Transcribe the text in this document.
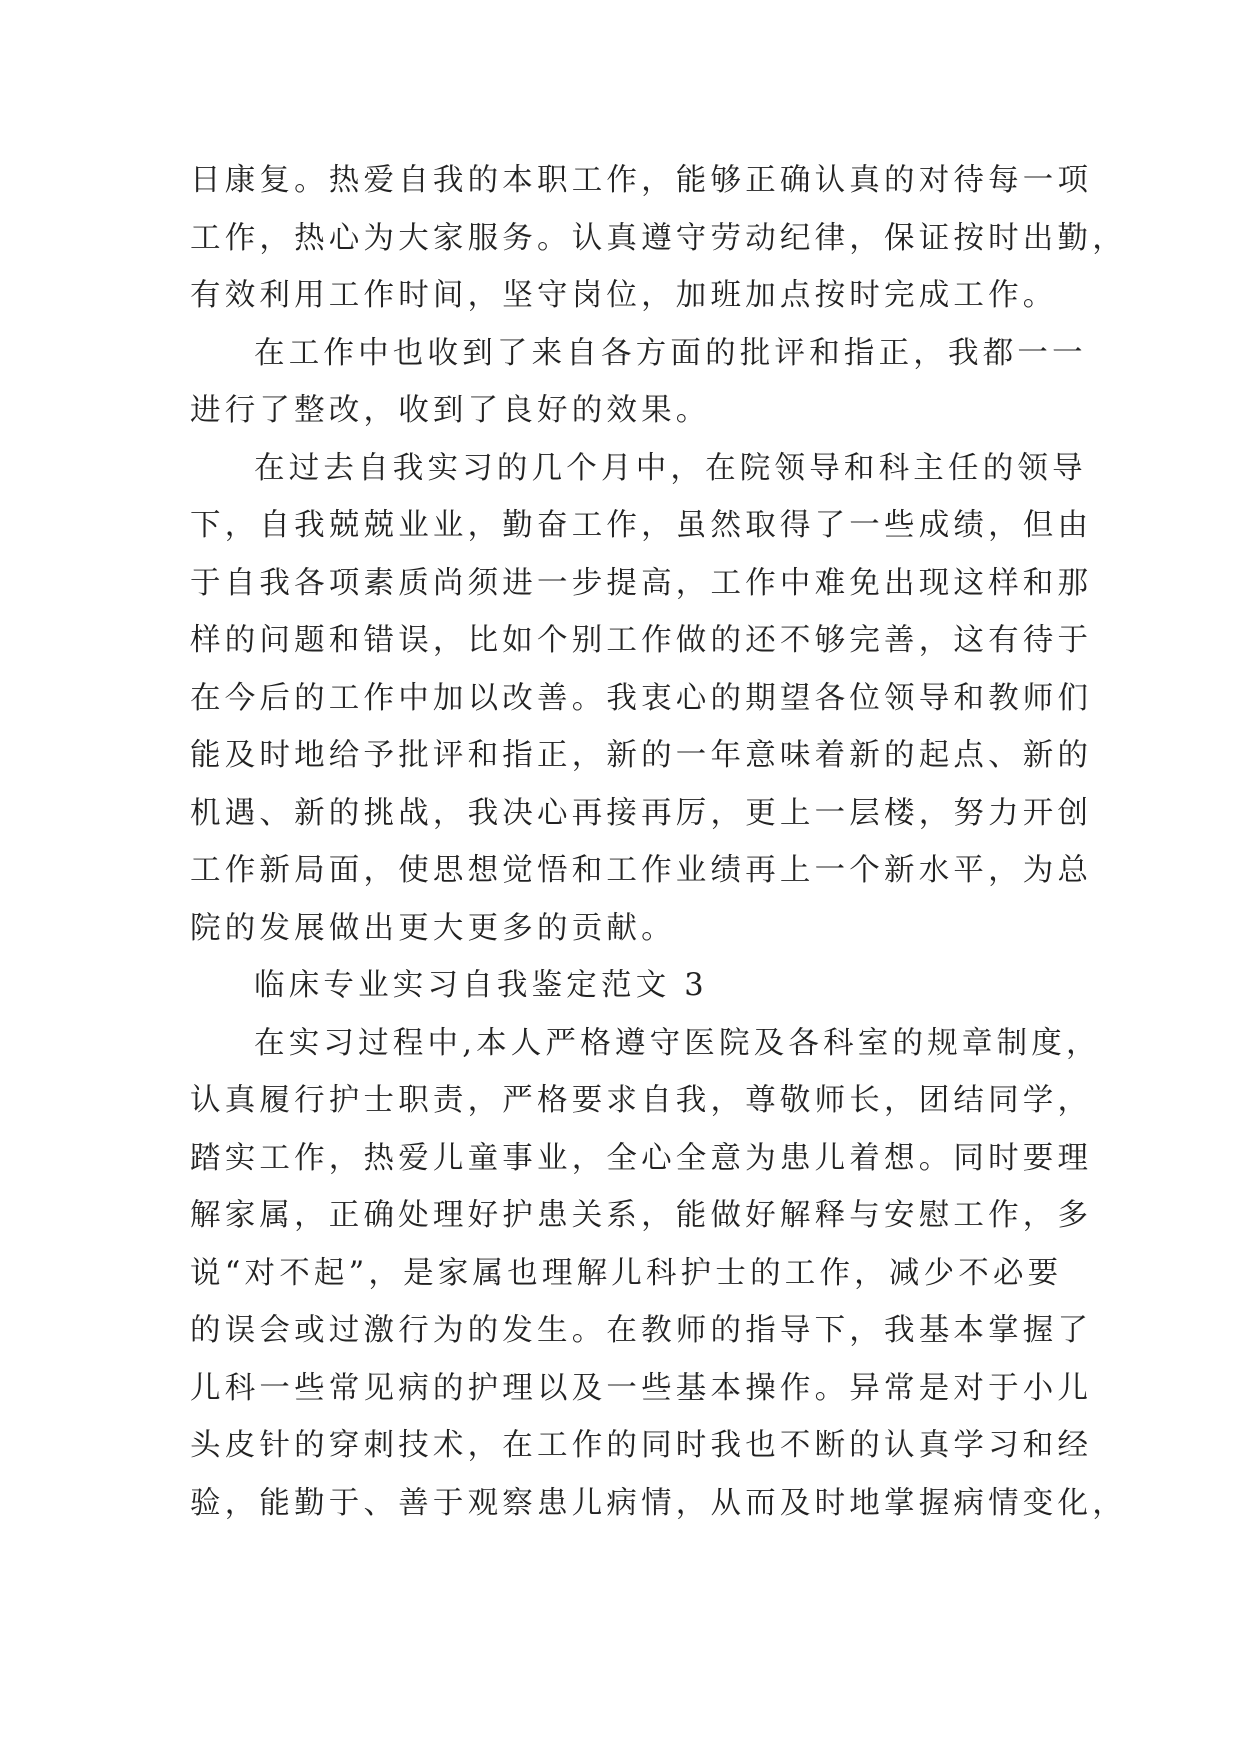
日康复。热爱自我的本职工作，能够正确认真的对待每一项
工作，热心为大家服务。认真遵守劳动纪律，保证按时出勤，
有效利用工作时间，坚守岗位，加班加点按时完成工作。
在工作中也收到了来自各方面的批评和指正，我都一一
进行了整改，收到了良好的效果。
在过去自我实习的几个月中，在院领导和科主任的领导
下，自我兢兢业业，勤奋工作，虽然取得了一些成绩，但由
于自我各项素质尚须进一步提高，工作中难免出现这样和那
样的问题和错误，比如个别工作做的还不够完善，这有待于
在今后的工作中加以改善。我衷心的期望各位领导和教师们
能及时地给予批评和指正，新的一年意味着新的起点、新的
机遇、新的挑战，我决心再接再厉，更上一层楼，努力开创
工作新局面，使思想觉悟和工作业绩再上一个新水平，为总
院的发展做出更大更多的贡献。
临床专业实习自我鉴定范文 3
在实习过程中,本人严格遵守医院及各科室的规章制度，
认真履行护士职责，严格要求自我，尊敬师长，团结同学，
踏实工作，热爱儿童事业，全心全意为患儿着想。同时要理
解家属，正确处理好护患关系，能做好解释与安慰工作，多
说“对不起”，是家属也理解儿科护士的工作，减少不必要
的误会或过激行为的发生。在教师的指导下，我基本掌握了
儿科一些常见病的护理以及一些基本操作。异常是对于小儿
头皮针的穿刺技术，在工作的同时我也不断的认真学习和经
验，能勤于、善于观察患儿病情，从而及时地掌握病情变化，
